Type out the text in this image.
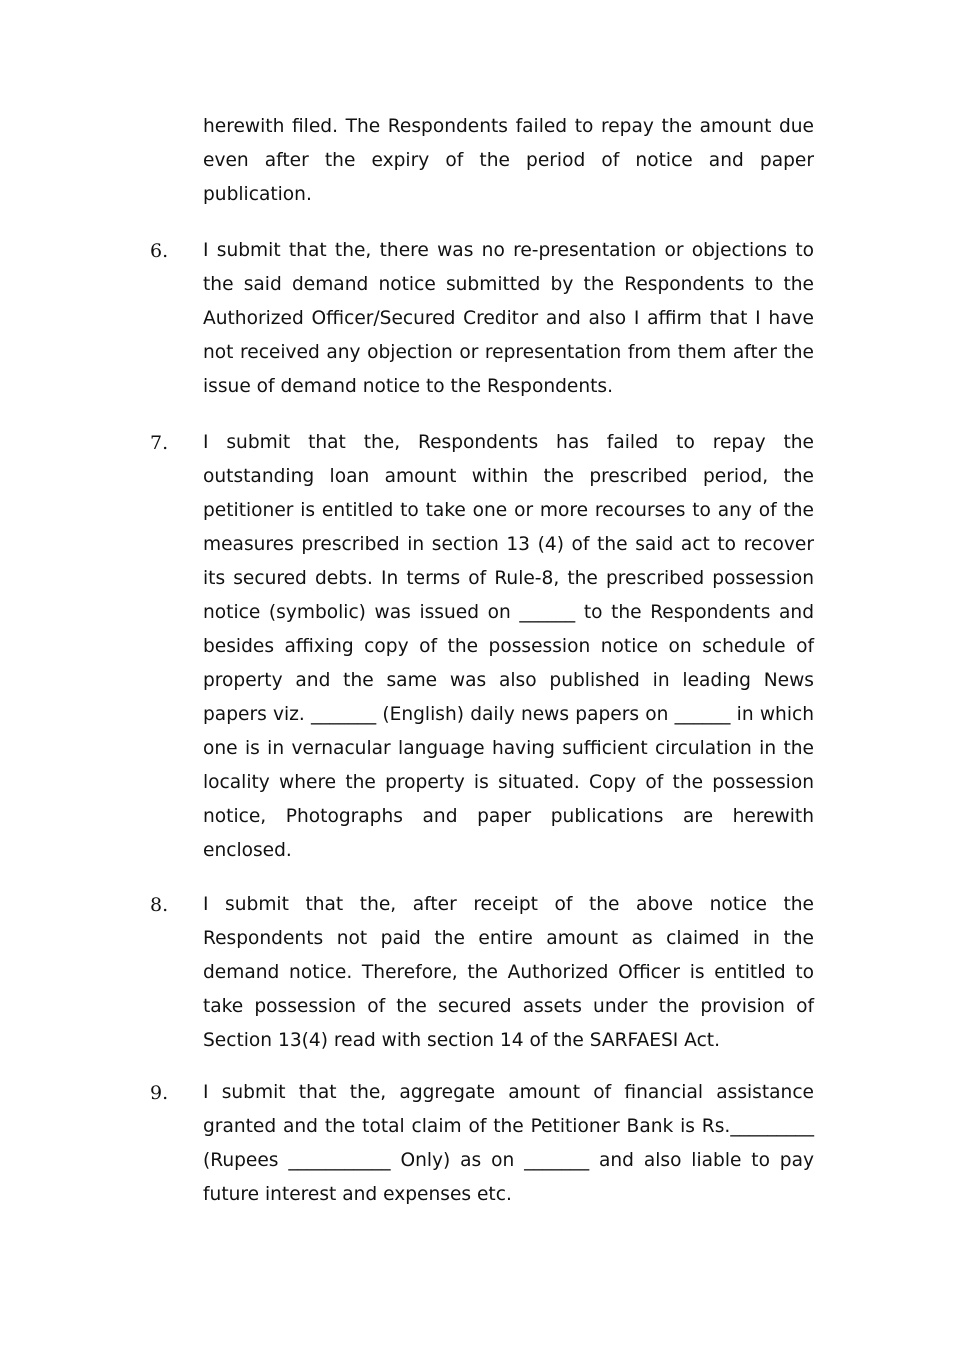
herewith filed. The Respondents failed to repay the amount due even after the expiry of the period of notice and paper publication.

6. I submit that the, there was no re-presentation or objections to the said demand notice submitted by the Respondents to the Authorized Officer/Secured Creditor and also I affirm that I have not received any objection or representation from them after the issue of demand notice to the Respondents.

7. I submit that the, Respondents has failed to repay the outstanding loan amount within the prescribed period, the petitioner is entitled to take one or more recourses to any of the measures prescribed in section 13 (4) of the said act to recover its secured debts. In terms of Rule-8, the prescribed possession notice (symbolic) was issued on ______ to the Respondents and besides affixing copy of the possession notice on schedule of property and the same was also published in leading News papers viz. _______ (English) daily news papers on ______ in which one is in vernacular language having sufficient circulation in the locality where the property is situated. Copy of the possession notice, Photographs and paper publications are herewith enclosed.

8. I submit that the, after receipt of the above notice the Respondents not paid the entire amount as claimed in the demand notice. Therefore, the Authorized Officer is entitled to take possession of the secured assets under the provision of Section 13(4) read with section 14 of the SARFAESI Act.

9. I submit that the, aggregate amount of financial assistance granted and the total claim of the Petitioner Bank is Rs._________ (Rupees ___________ Only) as on _______ and also liable to pay future interest and expenses etc.
